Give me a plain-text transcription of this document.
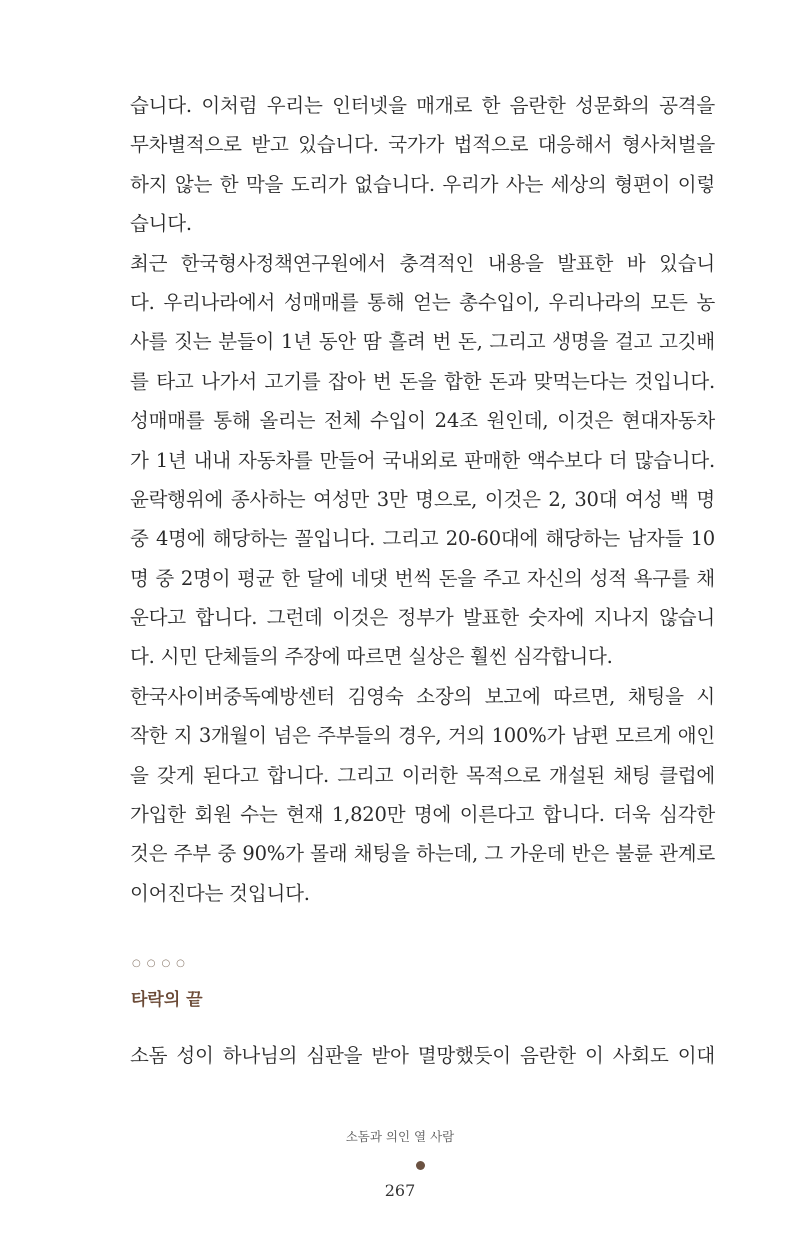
습니다. 이처럼 우리는 인터넷을 매개로 한 음란한 성문화의 공격을
무차별적으로 받고 있습니다. 국가가 법적으로 대응해서 형사처벌을
하지 않는 한 막을 도리가 없습니다. 우리가 사는 세상의 형편이 이렇
습니다.
최근 한국형사정책연구원에서 충격적인 내용을 발표한 바 있습니
다. 우리나라에서 성매매를 통해 얻는 총수입이, 우리나라의 모든 농
사를 짓는 분들이 1년 동안 땀 흘려 번 돈, 그리고 생명을 걸고 고깃배
를 타고 나가서 고기를 잡아 번 돈을 합한 돈과 맞먹는다는 것입니다.
성매매를 통해 올리는 전체 수입이 24조 원인데, 이것은 현대자동차
가 1년 내내 자동차를 만들어 국내외로 판매한 액수보다 더 많습니다.
윤락행위에 종사하는 여성만 3만 명으로, 이것은 2, 30대 여성 백 명
중 4명에 해당하는 꼴입니다. 그리고 20-60대에 해당하는 남자들 10
명 중 2명이 평균 한 달에 네댓 번씩 돈을 주고 자신의 성적 욕구를 채
운다고 합니다. 그런데 이것은 정부가 발표한 숫자에 지나지 않습니
다. 시민 단체들의 주장에 따르면 실상은 훨씬 심각합니다.
한국사이버중독예방센터 김영숙 소장의 보고에 따르면, 채팅을 시
작한 지 3개월이 넘은 주부들의 경우, 거의 100%가 남편 모르게 애인
을 갖게 된다고 합니다. 그리고 이러한 목적으로 개설된 채팅 클럽에
가입한 회원 수는 현재 1,820만 명에 이른다고 합니다. 더욱 심각한
것은 주부 중 90%가 몰래 채팅을 하는데, 그 가운데 반은 불륜 관계로
이어진다는 것입니다.
○○○○
타락의 끝
소돔 성이 하나님의 심판을 받아 멸망했듯이 음란한 이 사회도 이대
소돔과 의인 열 사람
267
